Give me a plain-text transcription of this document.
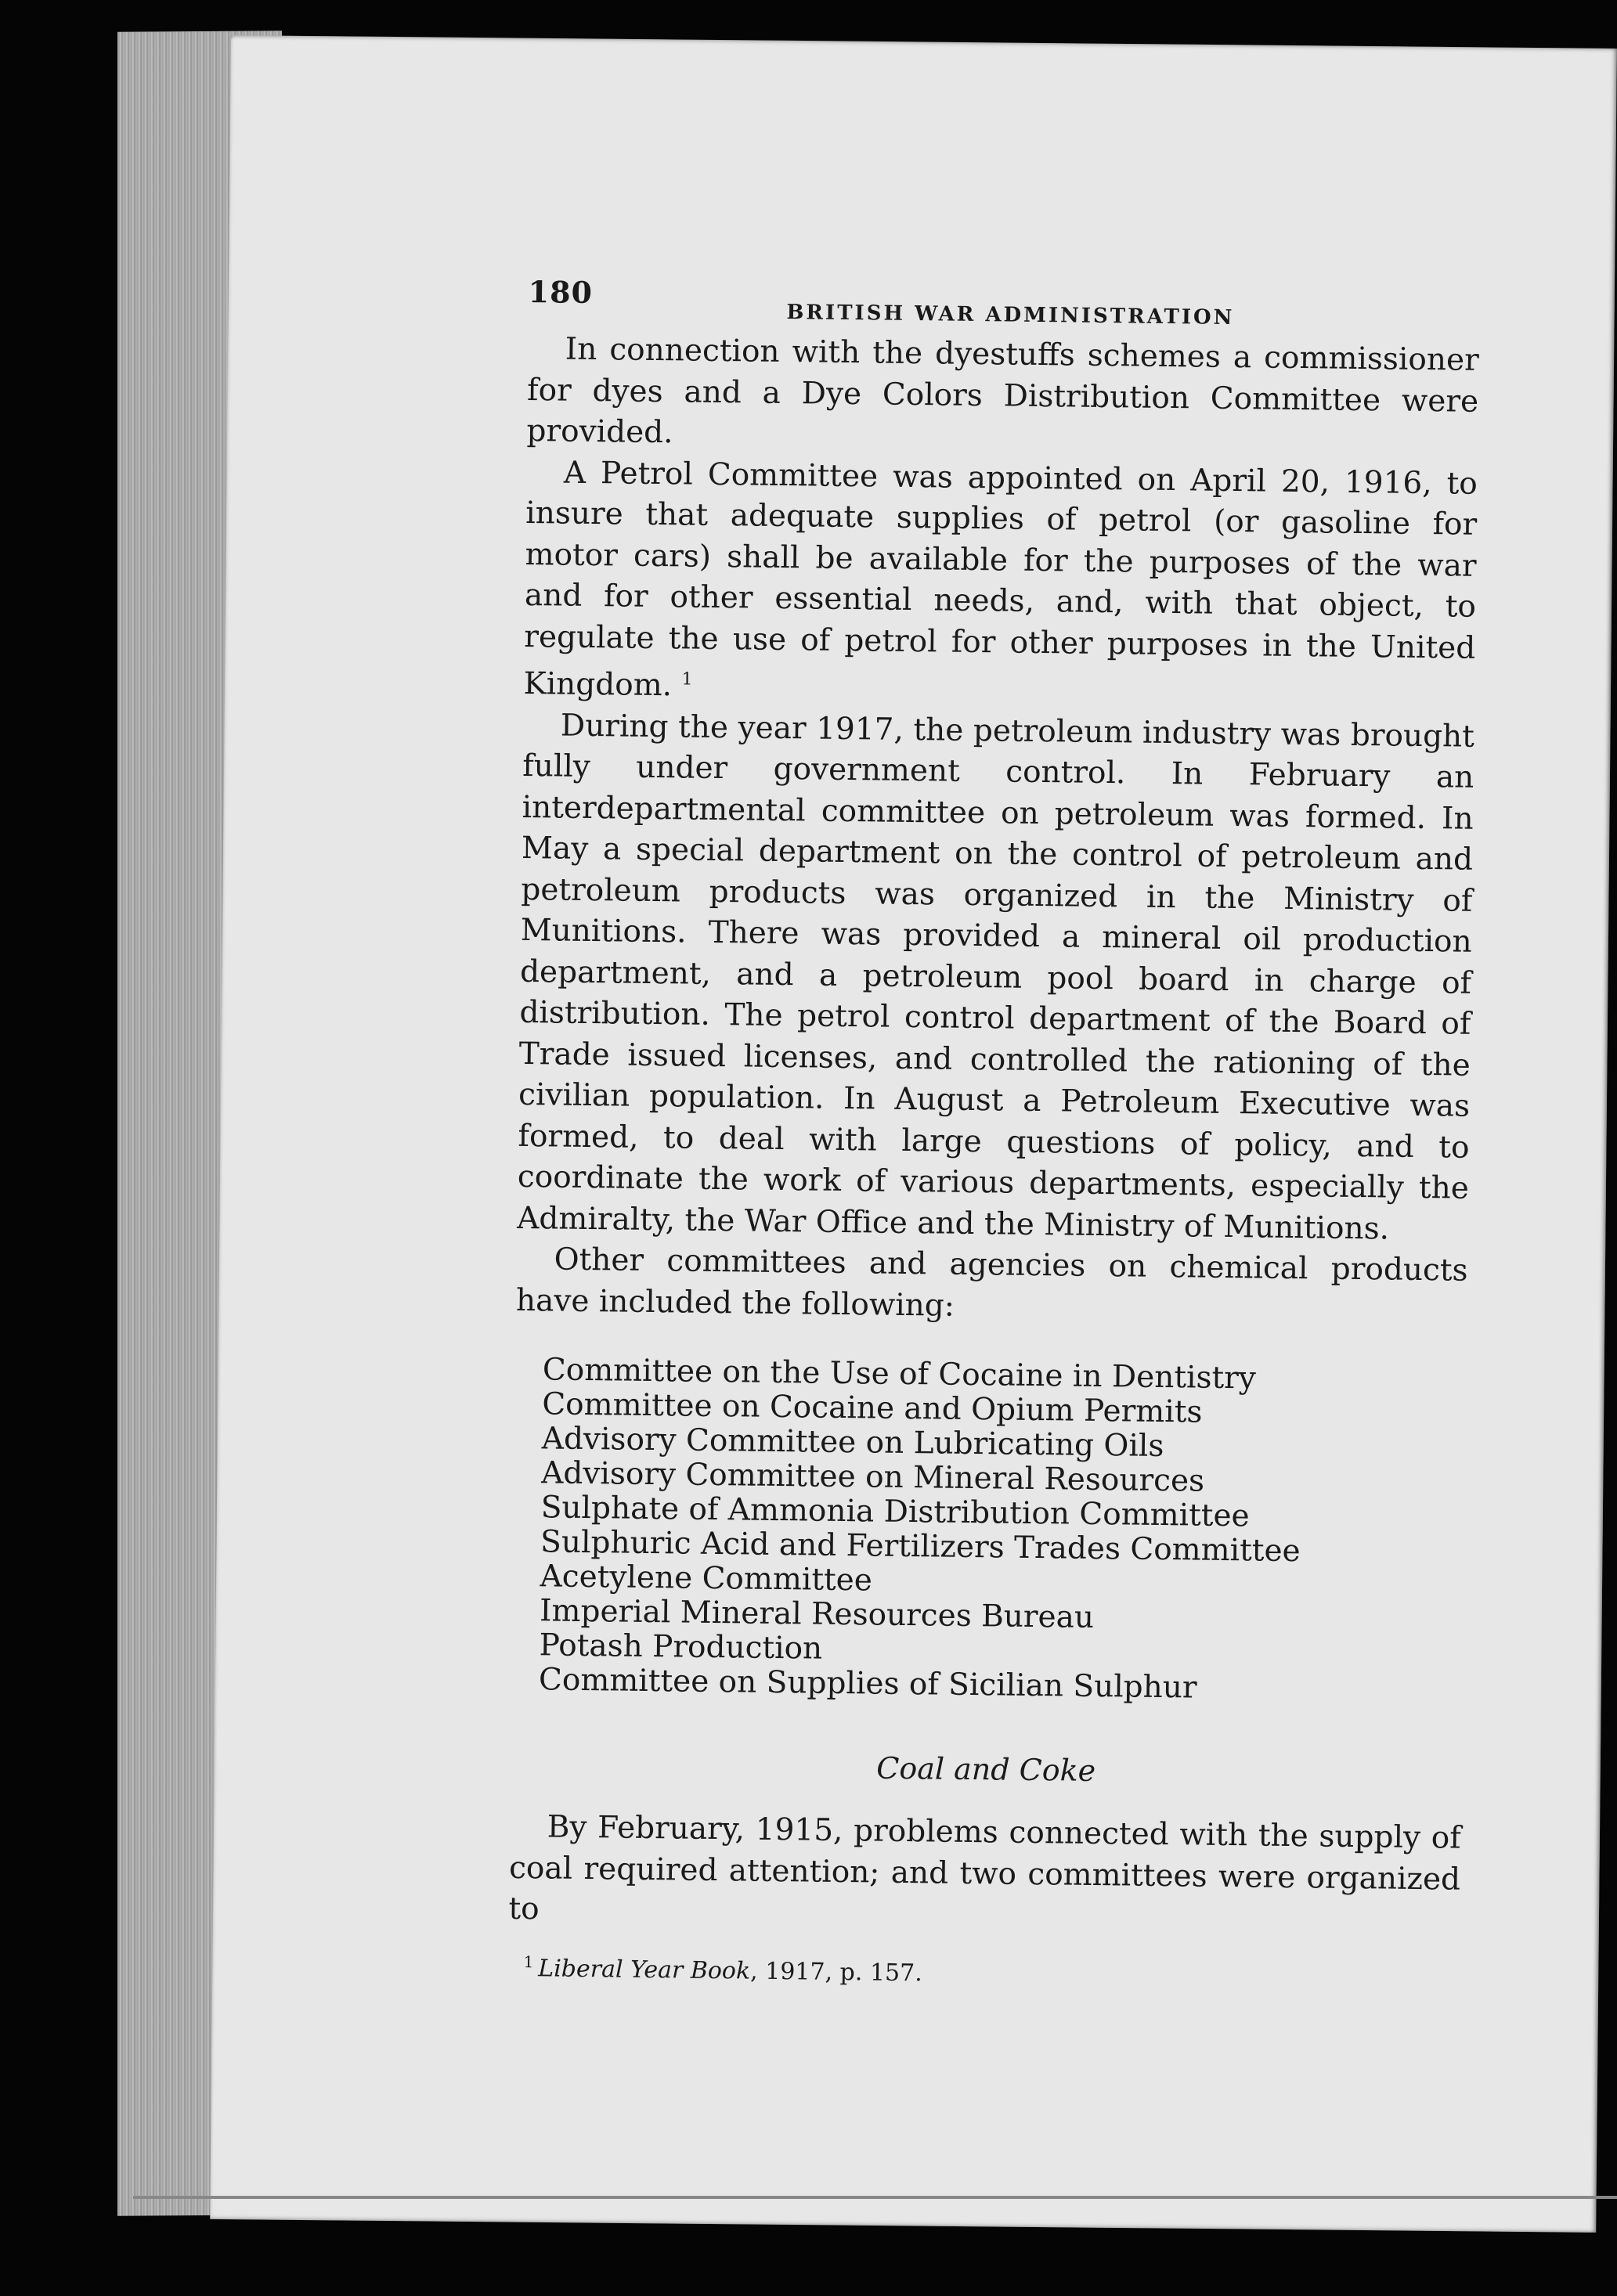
180
BRITISH WAR ADMINISTRATION

In connection with the dyestuffs schemes a commissioner for dyes and a Dye Colors Distribution Committee were provided.

A Petrol Committee was appointed on April 20, 1916, to insure that adequate supplies of petrol (or gasoline for motor cars) shall be available for the purposes of the war and for other essential needs, and, with that object, to regulate the use of petrol for other purposes in the United Kingdom. $^1$

During the year 1917, the petroleum industry was brought fully under government control. In February an interdepartmental committee on petroleum was formed. In May a special department on the control of petroleum and petroleum products was organized in the Ministry of Munitions. There was provided a mineral oil production department, and a petroleum pool board in charge of distribution. The petrol control department of the Board of Trade issued licenses, and controlled the rationing of the civilian population. In August a Petroleum Executive was formed, to deal with large questions of policy, and to coordinate the work of various departments, especially the Admiralty, the War Office and the Ministry of Munitions.

Other committees and agencies on chemical products have included the following:

Committee on the Use of Cocaine in Dentistry
Committee on Cocaine and Opium Permits
Advisory Committee on Lubricating Oils
Advisory Committee on Mineral Resources
Sulphate of Ammonia Distribution Committee
Sulphuric Acid and Fertilizers Trades Committee
Acetylene Committee
Imperial Mineral Resources Bureau
Potash Production
Committee on Supplies of Sicilian Sulphur
Coal and Coke

By February, 1915, problems connected with the supply of coal required attention; and two committees were organized to

$^1$ Liberal Year Book, 1917, p. 157.
